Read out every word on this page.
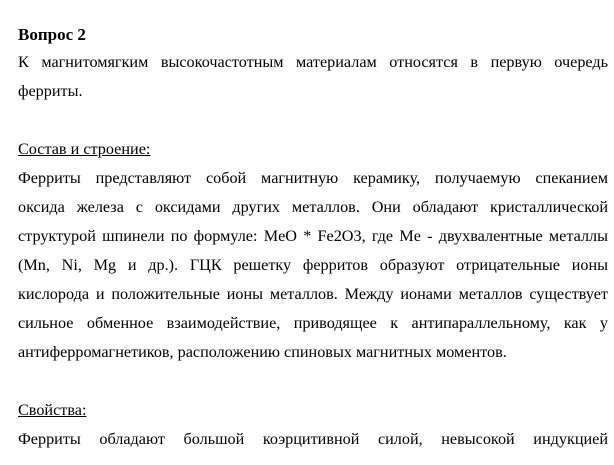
Вопрос 2

К магнитомягким высокочастотным материалам относятся в первую очередь
ферриты.
Состав и строение:
Ферриты представляют собой магнитную керамику, получаемую спеканием
оксида железа с оксидами других металлов. Они обладают кристаллической
структурой шпинели по формуле: MeO * Fe2O3, где Me - двухвалентные металлы
(Mn, Ni, Mg и др.). ГЦК решетку ферритов образуют отрицательные ионы
кислорода и положительные ионы металлов. Между ионами металлов существует
сильное обменное взаимодействие, приводящее к антипараллельному, как у
антиферромагнетиков, расположению спиновых магнитных моментов.
Свойства:
Ферриты обладают большой коэрцитивной силой, невысокой индукцией
